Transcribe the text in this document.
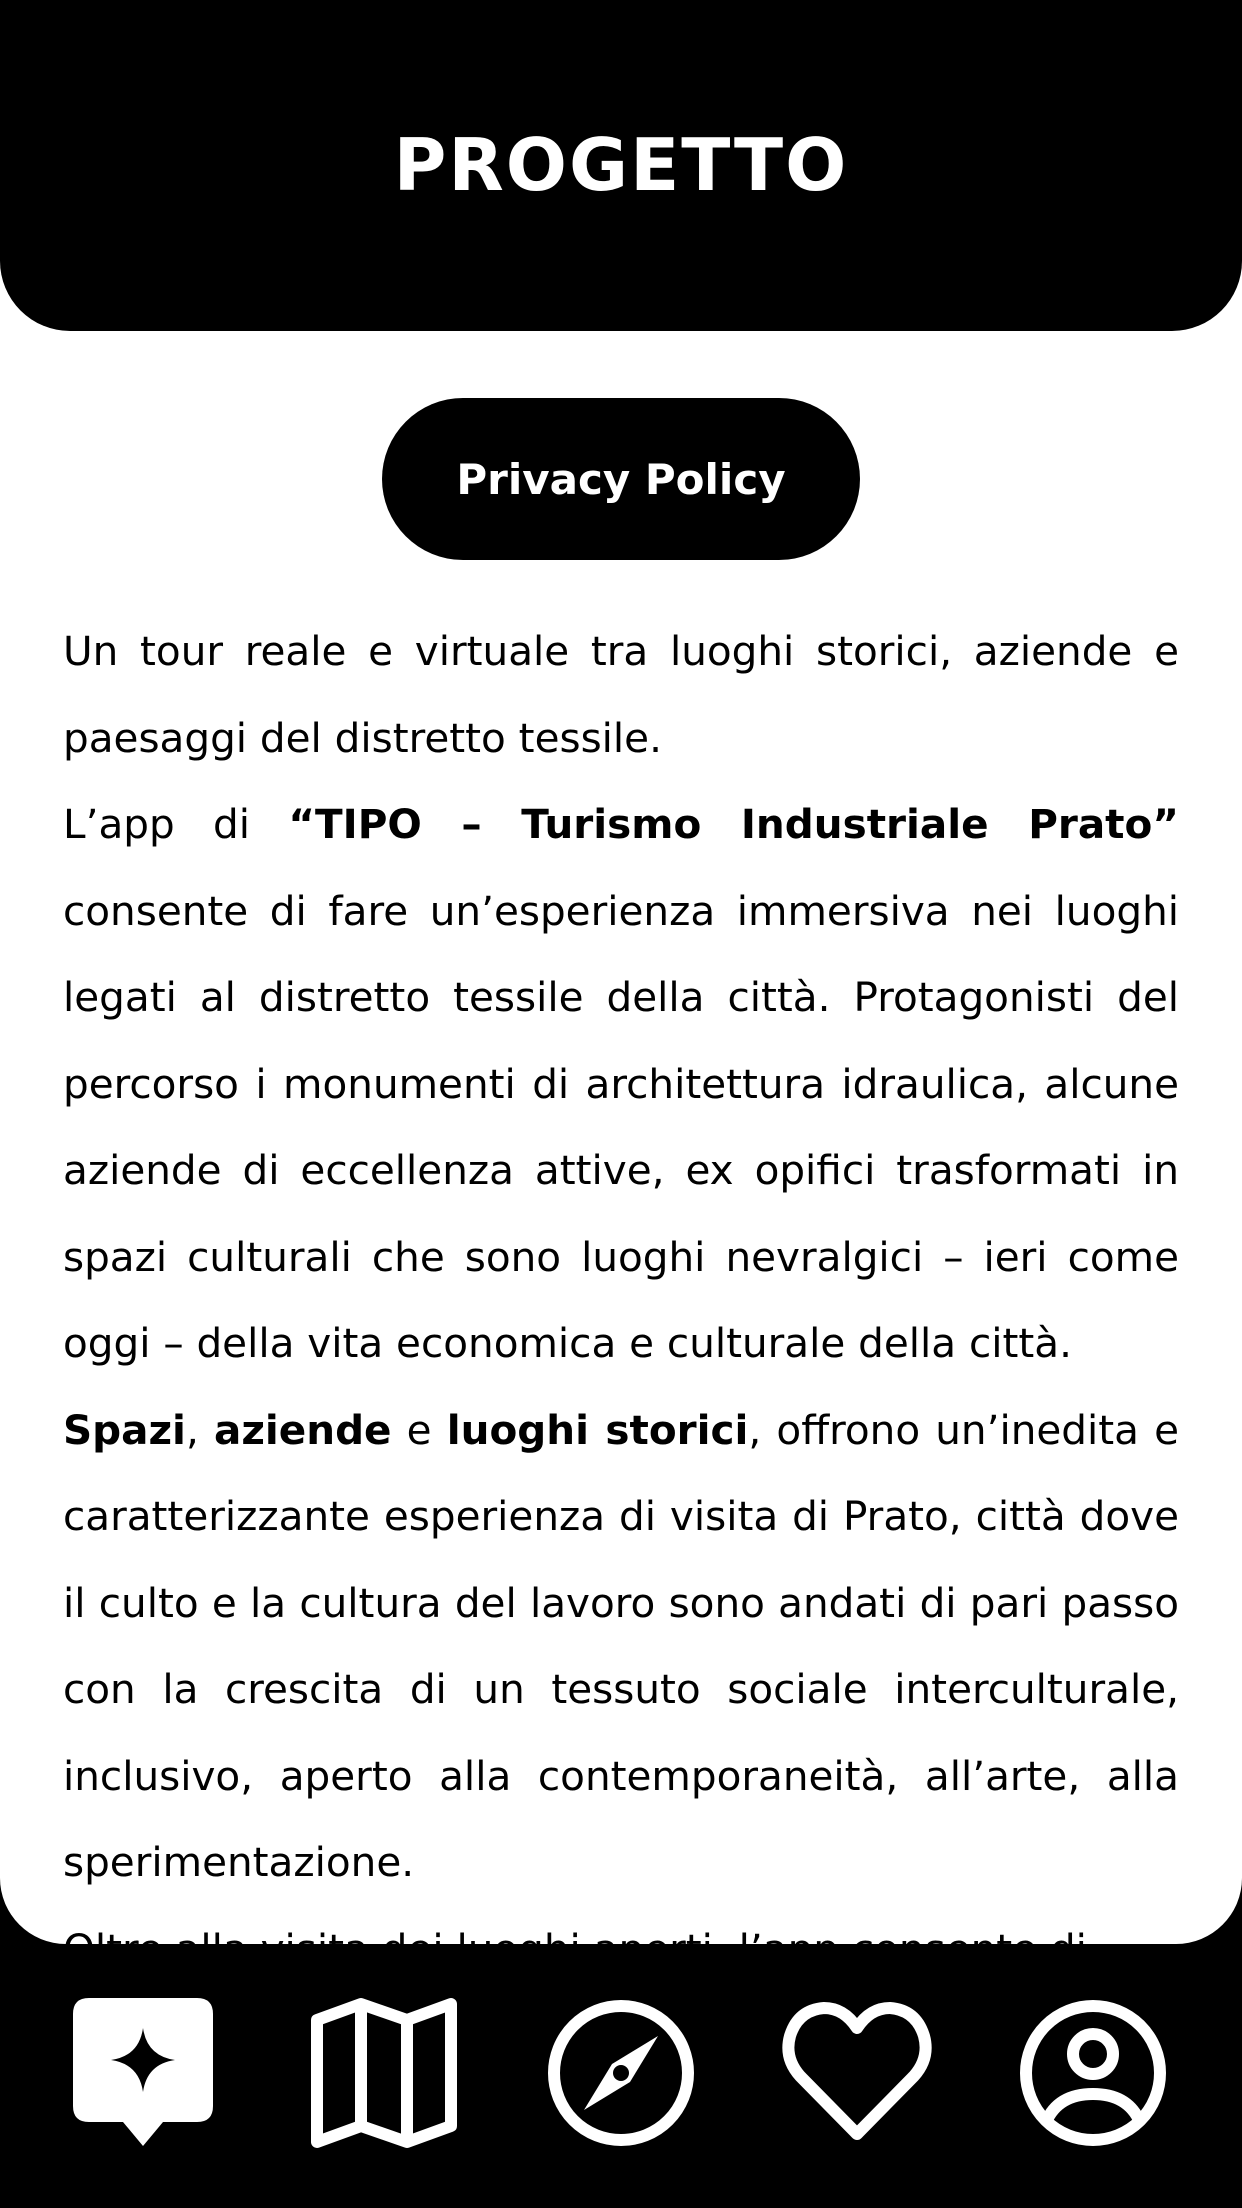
PROGETTO
Privacy Policy

Un tour reale e virtuale tra luoghi storici, aziende e paesaggi del distretto tessile.

L’app di “TIPO – Turismo Industriale Prato” consente di fare un’esperienza immersiva nei luoghi legati al distretto tessile della città. Protagonisti del percorso i monumenti di architettura idraulica, alcune aziende di eccellenza attive, ex opifici trasformati in spazi culturali che sono luoghi nevralgici – ieri come oggi – della vita economica e culturale della città.

Spazi, aziende e luoghi storici, offrono un’inedita e caratterizzante esperienza di visita di Prato, città dove il culto e la cultura del lavoro sono andati di pari passo con la crescita di un tessuto sociale interculturale, inclusivo, aperto alla contemporaneità, all’arte, alla sperimentazione.
